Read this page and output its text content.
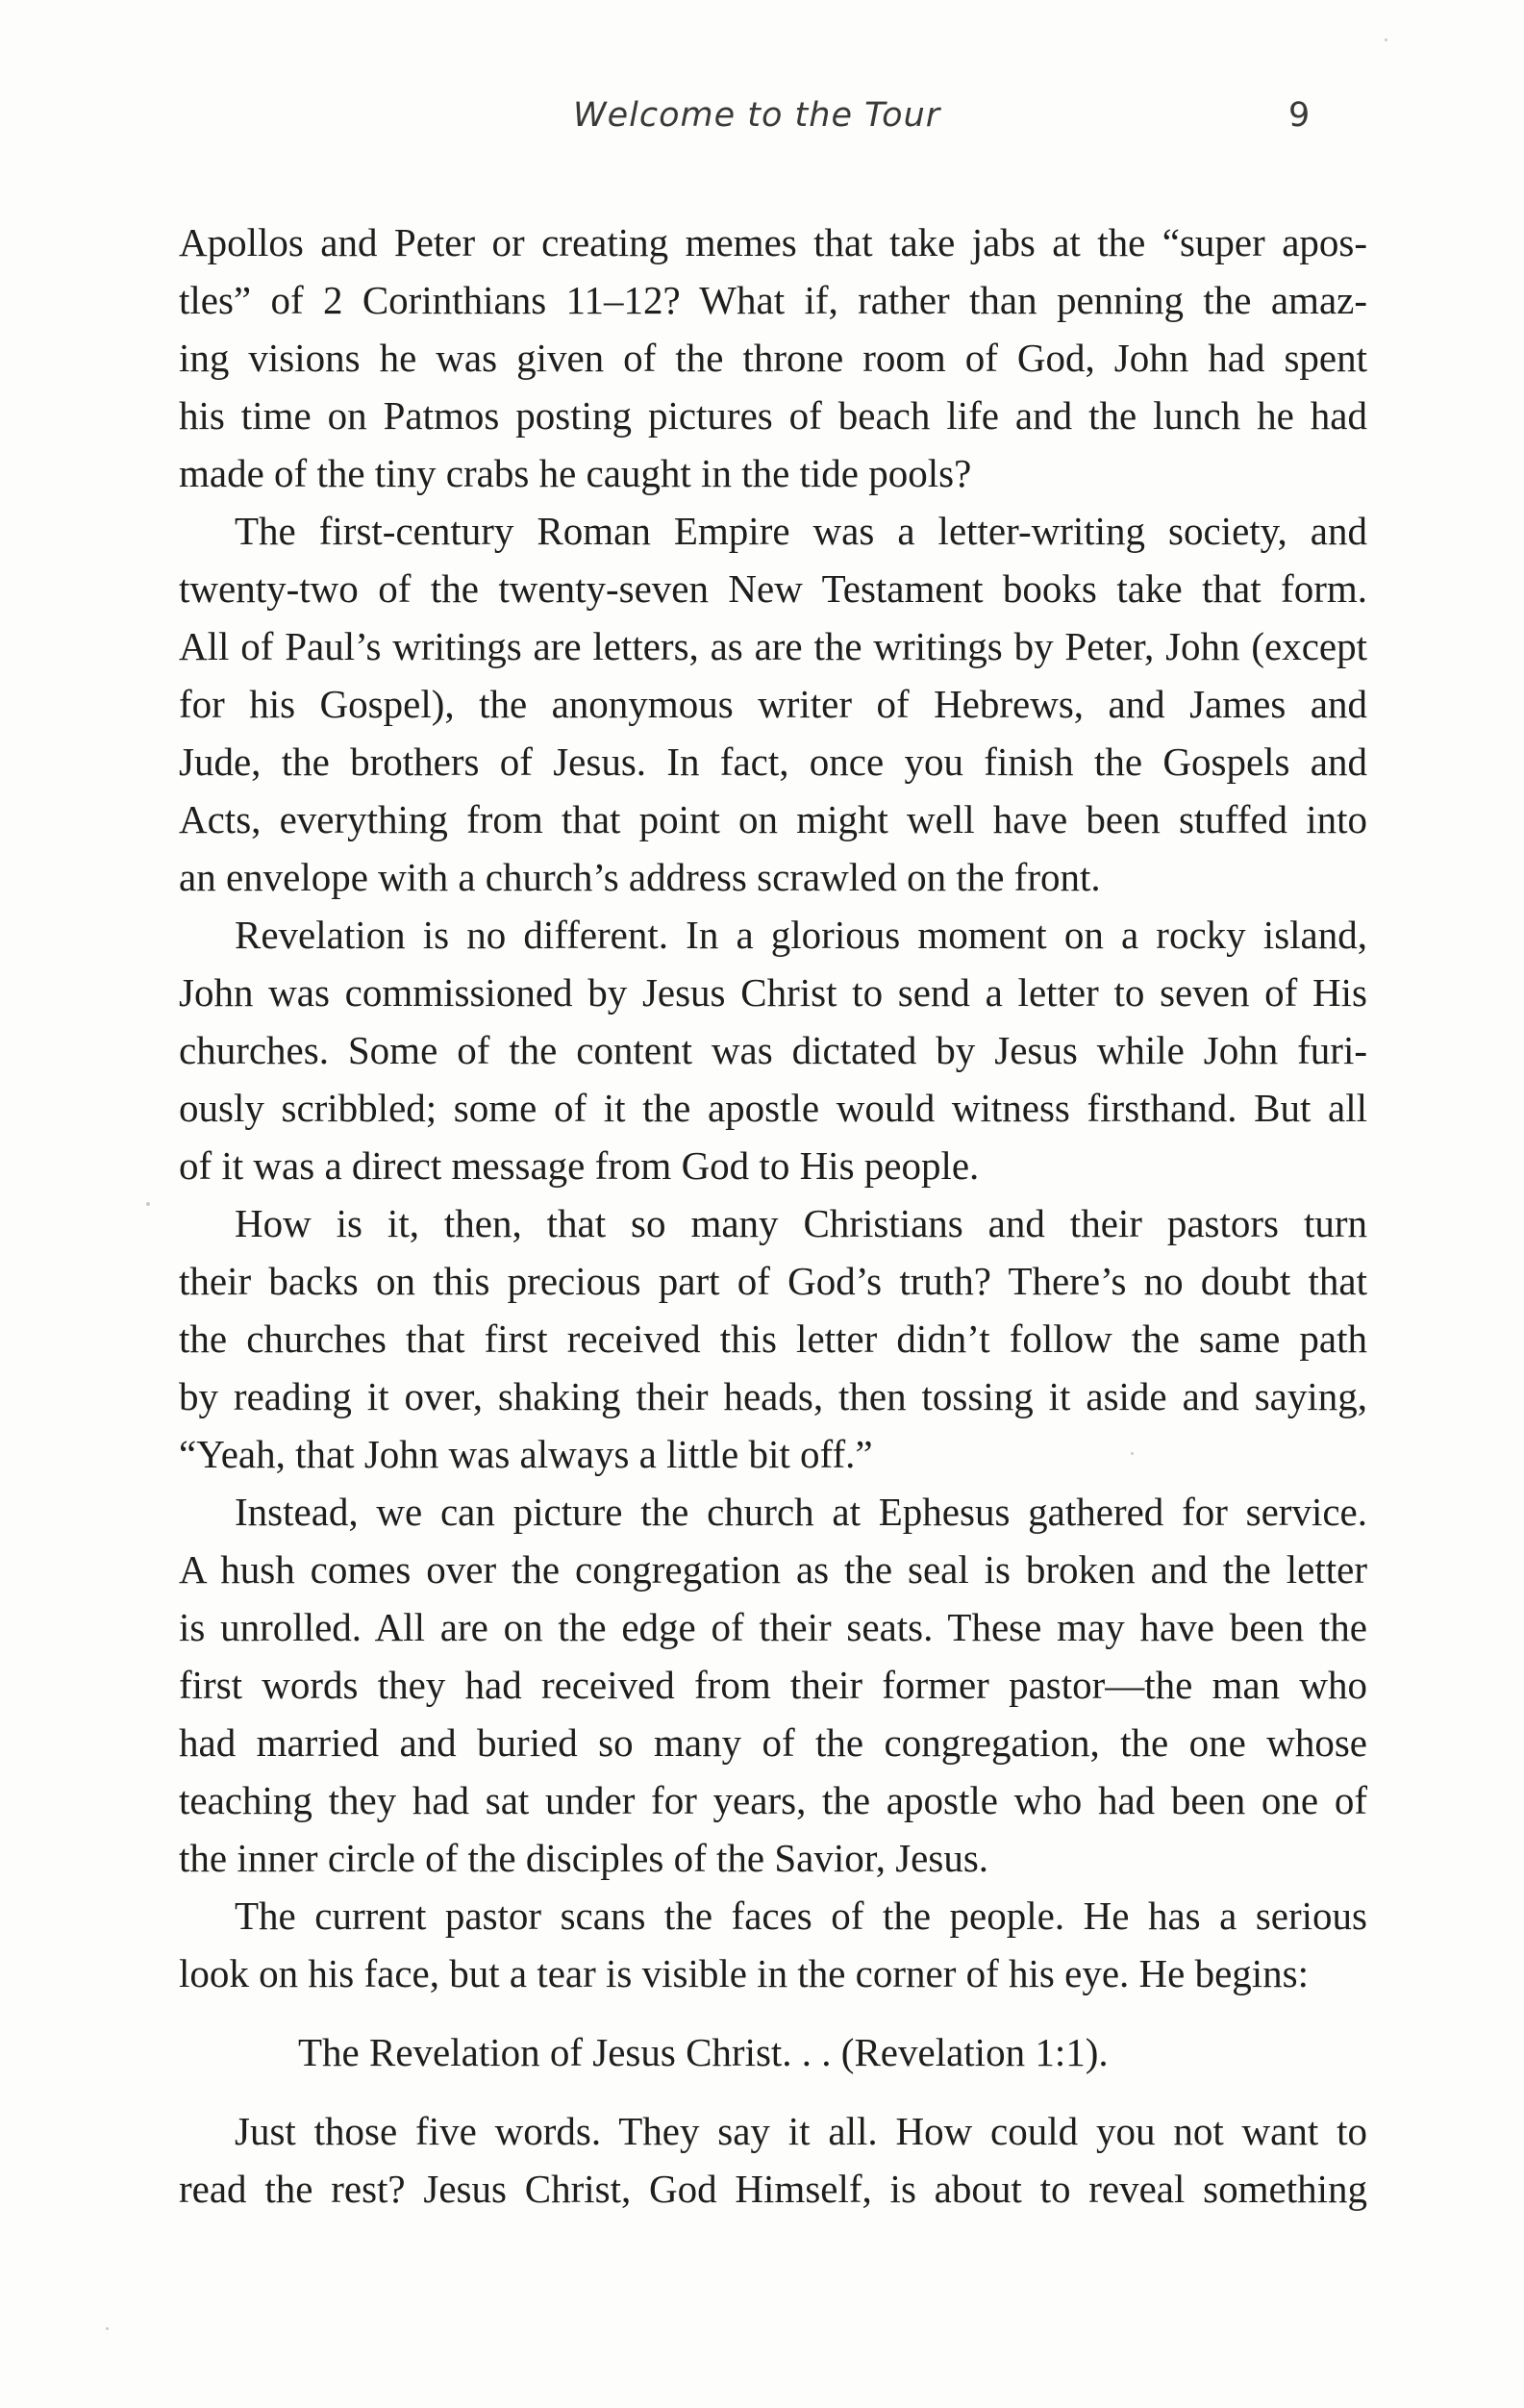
Welcome to the Tour	9
Apollos and Peter or creating memes that take jabs at the “super apos-
tles” of 2 Corinthians 11–12? What if, rather than penning the amaz-
ing visions he was given of the throne room of God, John had spent
his time on Patmos posting pictures of beach life and the lunch he had
made of the tiny crabs he caught in the tide pools?
The first-century Roman Empire was a letter-writing society, and
twenty-two of the twenty-seven New Testament books take that form.
All of Paul’s writings are letters, as are the writings by Peter, John (except
for his Gospel), the anonymous writer of Hebrews, and James and
Jude, the brothers of Jesus. In fact, once you finish the Gospels and
Acts, everything from that point on might well have been stuffed into
an envelope with a church’s address scrawled on the front.
Revelation is no different. In a glorious moment on a rocky island,
John was commissioned by Jesus Christ to send a letter to seven of His
churches. Some of the content was dictated by Jesus while John furi-
ously scribbled; some of it the apostle would witness firsthand. But all
of it was a direct message from God to His people.
How is it, then, that so many Christians and their pastors turn
their backs on this precious part of God’s truth? There’s no doubt that
the churches that first received this letter didn’t follow the same path
by reading it over, shaking their heads, then tossing it aside and saying,
“Yeah, that John was always a little bit off.”
Instead, we can picture the church at Ephesus gathered for service.
A hush comes over the congregation as the seal is broken and the letter
is unrolled. All are on the edge of their seats. These may have been the
first words they had received from their former pastor—the man who
had married and buried so many of the congregation, the one whose
teaching they had sat under for years, the apostle who had been one of
the inner circle of the disciples of the Savior, Jesus.
The current pastor scans the faces of the people. He has a serious
look on his face, but a tear is visible in the corner of his eye. He begins:
The Revelation of Jesus Christ. . . (Revelation 1:1).
Just those five words. They say it all. How could you not want to
read the rest? Jesus Christ, God Himself, is about to reveal something
